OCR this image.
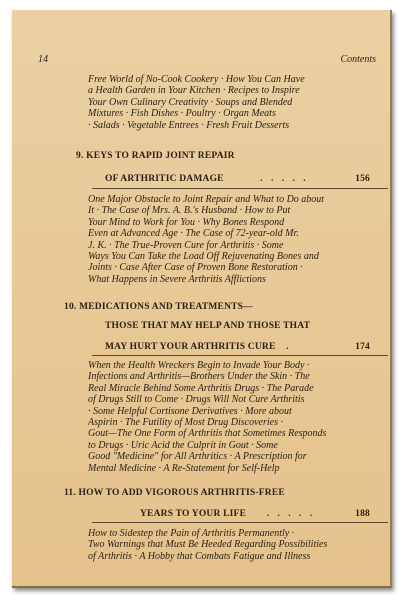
14	Contents

Free World of No-Cook Cookery · How You Can Have

a Health Garden in Your Kitchen · Recipes to Inspire

Your Own Culinary Creativity · Soups and Blended

Mixtures · Fish Dishes · Poultry · Organ Meats

· Salads · Vegetable Entrees · Fresh Fruit Desserts

9. KEYS TO RAPID JOINT REPAIR
OF ARTHRITIC DAMAGE	. . . . .	156

One Major Obstacle to Joint Repair and What to Do about

It · The Case of Mrs. A. B.'s Husband · How to Put

Your Mind to Work for You · Why Bones Respond

Even at Advanced Age · The Case of 72-year-old Mr.

J. K. · The True-Proven Cure for Arthritis · Some

Ways You Can Take the Load Off Rejuvenating Bones and

Joints · Case After Case of Proven Bone Restoration ·

What Happens in Severe Arthritis Afflictions

10. MEDICATIONS AND TREATMENTS—
THOSE THAT MAY HELP AND THOSE THAT
MAY HURT YOUR ARTHRITIS CURE .	174

When the Health Wreckers Begin to Invade Your Body ·

Infections and Arthritis—Brothers Under the Skin · The

Real Miracle Behind Some Arthritis Drugs · The Parade

of Drugs Still to Come · Drugs Will Not Cure Arthritis

· Some Helpful Cortisone Derivatives · More about

Aspirin · The Futility of Most Drug Discoveries ·

Gout—The One Form of Arthritis that Sometimes Responds

to Drugs · Uric Acid the Culprit in Gout · Some

Good "Medicine" for All Arthritics · A Prescription for

Mental Medicine · A Re-Statement for Self-Help

11. HOW TO ADD VIGOROUS ARTHRITIS-FREE
YEARS TO YOUR LIFE . . . . .	188

How to Sidestep the Pain of Arthritis Permanently ·

Two Warnings that Must Be Heeded Regarding Possibilities

of Arthritis · A Hobby that Combats Fatigue and Illness
